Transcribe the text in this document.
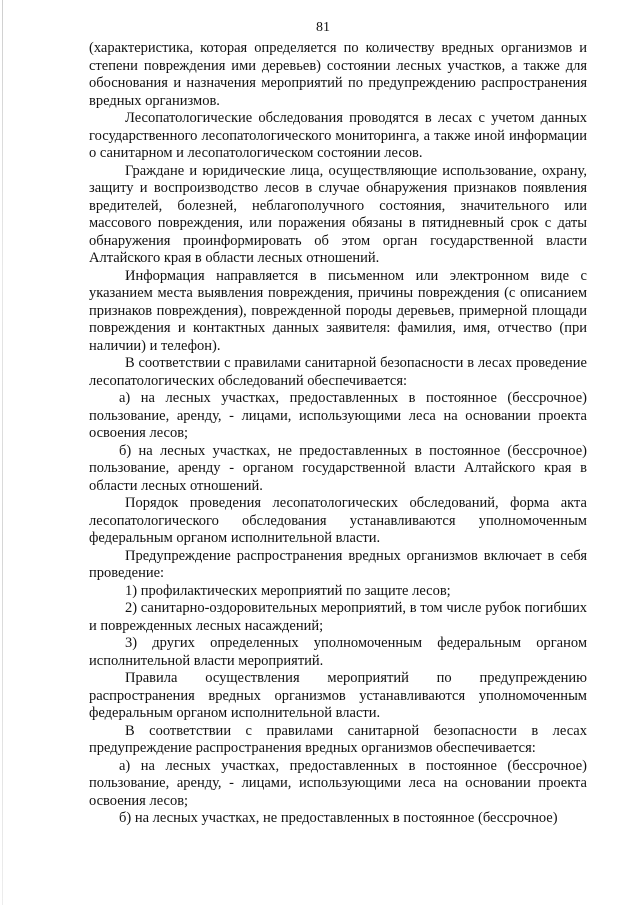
81

(характеристика, которая определяется по количеству вредных организмов и степени повреждения ими деревьев) состоянии лесных участков, а также для обоснования и назначения мероприятий по предупреждению распространения вредных организмов.

Лесопатологические обследования проводятся в лесах с учетом данных государственного лесопатологического мониторинга, а также иной информации о санитарном и лесопатологическом состоянии лесов.

Граждане и юридические лица, осуществляющие использование, охрану, защиту и воспроизводство лесов в случае обнаружения признаков появления вредителей, болезней, неблагополучного состояния, значительного или массового повреждения, или поражения обязаны в пятидневный срок с даты обнаружения проинформировать об этом орган государственной власти Алтайского края в области лесных отношений.

Информация направляется в письменном или электронном виде с указанием места выявления повреждения, причины повреждения (с описанием признаков повреждения), поврежденной породы деревьев, примерной площади повреждения и контактных данных заявителя: фамилия, имя, отчество (при наличии) и телефон).

В соответствии с правилами санитарной безопасности в лесах проведение лесопатологических обследований обеспечивается:

а) на лесных участках, предоставленных в постоянное (бессрочное) пользование, аренду, - лицами, использующими леса на основании проекта освоения лесов;

б) на лесных участках, не предоставленных в постоянное (бессрочное) пользование, аренду - органом государственной власти Алтайского края в области лесных отношений.

Порядок проведения лесопатологических обследований, форма акта лесопатологического обследования устанавливаются уполномоченным федеральным органом исполнительной власти.

Предупреждение распространения вредных организмов включает в себя проведение:

1) профилактических мероприятий по защите лесов;

2) санитарно-оздоровительных мероприятий, в том числе рубок погибших и поврежденных лесных насаждений;

3) других определенных уполномоченным федеральным органом исполнительной власти мероприятий.

Правила осуществления мероприятий по предупреждению распространения вредных организмов устанавливаются уполномоченным федеральным органом исполнительной власти.

В соответствии с правилами санитарной безопасности в лесах предупреждение распространения вредных организмов обеспечивается:

а) на лесных участках, предоставленных в постоянное (бессрочное) пользование, аренду, - лицами, использующими леса на основании проекта освоения лесов;

б) на лесных участках, не предоставленных в постоянное (бессрочное)
